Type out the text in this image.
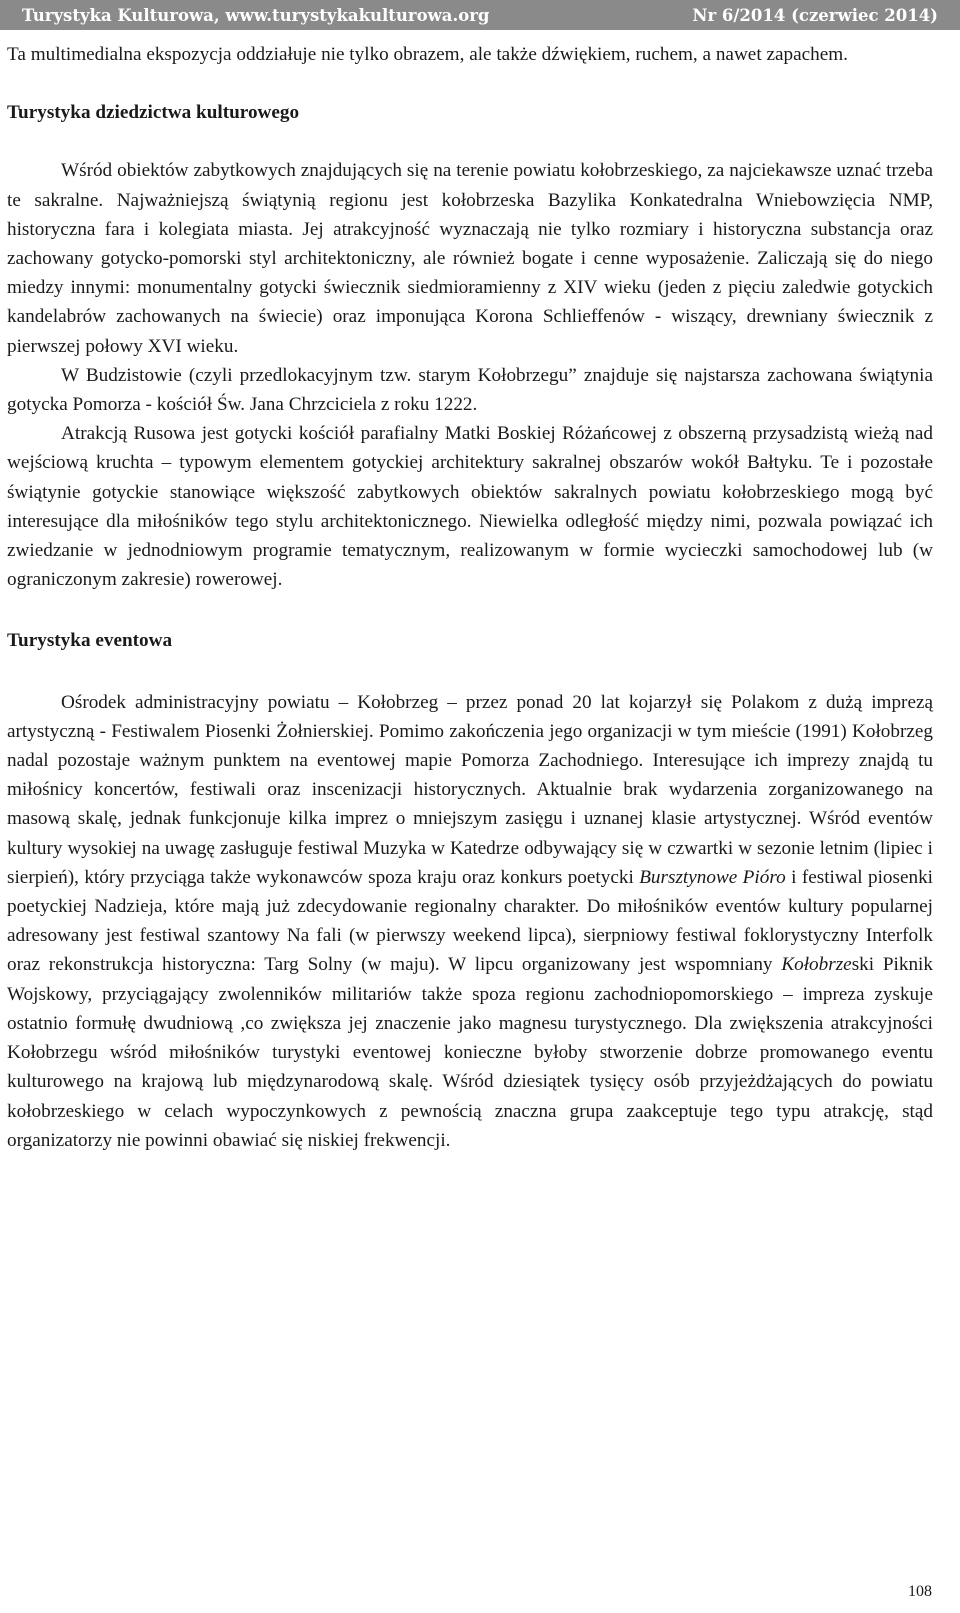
Turystyka Kulturowa, www.turystykakulturowa.org	Nr 6/2014 (czerwiec 2014)

Ta multimedialna ekspozycja oddziałuje nie tylko obrazem, ale także dźwiękiem, ruchem, a nawet zapachem.

Turystyka dziedzictwa kulturowego

Wśród obiektów zabytkowych znajdujących się na terenie powiatu kołobrzeskiego, za najciekawsze uznać trzeba te sakralne. Najważniejszą świątynią regionu jest kołobrzeska Bazylika Konkatedralna Wniebowzięcia NMP, historyczna fara i kolegiata miasta. Jej atrakcyjność wyznaczają nie tylko rozmiary i historyczna substancja oraz zachowany gotycko-pomorski styl architektoniczny, ale również bogate i cenne wyposażenie. Zaliczają się do niego miedzy innymi: monumentalny gotycki świecznik siedmioramienny z XIV wieku (jeden z pięciu zaledwie gotyckich kandelabrów zachowanych na świecie) oraz imponująca Korona Schlieffenów - wiszący, drewniany świecznik z pierwszej połowy XVI wieku.

W Budzistowie (czyli przedlokacyjnym tzw. starym Kołobrzegu” znajduje się najstarsza zachowana świątynia gotycka Pomorza - kościół Św. Jana Chrzciciela z roku 1222.

Atrakcją Rusowa jest gotycki kościół parafialny Matki Boskiej Różańcowej z obszerną przysadzistą wieżą nad wejściową kruchta – typowym elementem gotyckiej architektury sakralnej obszarów wokół Bałtyku. Te i pozostałe świątynie gotyckie stanowiące większość zabytkowych obiektów sakralnych powiatu kołobrzeskiego mogą być interesujące dla miłośników tego stylu architektonicznego. Niewielka odległość między nimi, pozwala powiązać ich zwiedzanie w jednodniowym programie tematycznym, realizowanym w formie wycieczki samochodowej lub (w ograniczonym zakresie) rowerowej.

Turystyka eventowa

Ośrodek administracyjny powiatu – Kołobrzeg – przez ponad 20 lat kojarzył się Polakom z dużą imprezą artystyczną - Festiwalem Piosenki Żołnierskiej. Pomimo zakończenia jego organizacji w tym mieście (1991) Kołobrzeg nadal pozostaje ważnym punktem na eventowej mapie Pomorza Zachodniego. Interesujące ich imprezy znajdą tu miłośnicy koncertów, festiwali oraz inscenizacji historycznych. Aktualnie brak wydarzenia zorganizowanego na masową skalę, jednak funkcjonuje kilka imprez o mniejszym zasięgu i uznanej klasie artystycznej. Wśród eventów kultury wysokiej na uwagę zasługuje festiwal Muzyka w Katedrze odbywający się w czwartki w sezonie letnim (lipiec i sierpień), który przyciąga także wykonawców spoza kraju oraz konkurs poetycki Bursztynowe Pióro i festiwal piosenki poetyckiej Nadzieja, które mają już zdecydowanie regionalny charakter. Do miłośników eventów kultury popularnej adresowany jest festiwal szantowy Na fali (w pierwszy weekend lipca), sierpniowy festiwal foklorystyczny Interfolk oraz rekonstrukcja historyczna: Targ Solny (w maju). W lipcu organizowany jest wspomniany Kołobrzeski Piknik Wojskowy, przyciągający zwolenników militariów także spoza regionu zachodniopomorskiego – impreza zyskuje ostatnio formułę dwudniową ,co zwiększa jej znaczenie jako magnesu turystycznego. Dla zwiększenia atrakcyjności Kołobrzegu wśród miłośników turystyki eventowej konieczne byłoby stworzenie dobrze promowanego eventu kulturowego na krajową lub międzynarodową skalę. Wśród dziesiątek tysięcy osób przyjeżdżających do powiatu kołobrzeskiego w celach wypoczynkowych z pewnością znaczna grupa zaakceptuje tego typu atrakcję, stąd organizatorzy nie powinni obawiać się niskiej frekwencji.

108
